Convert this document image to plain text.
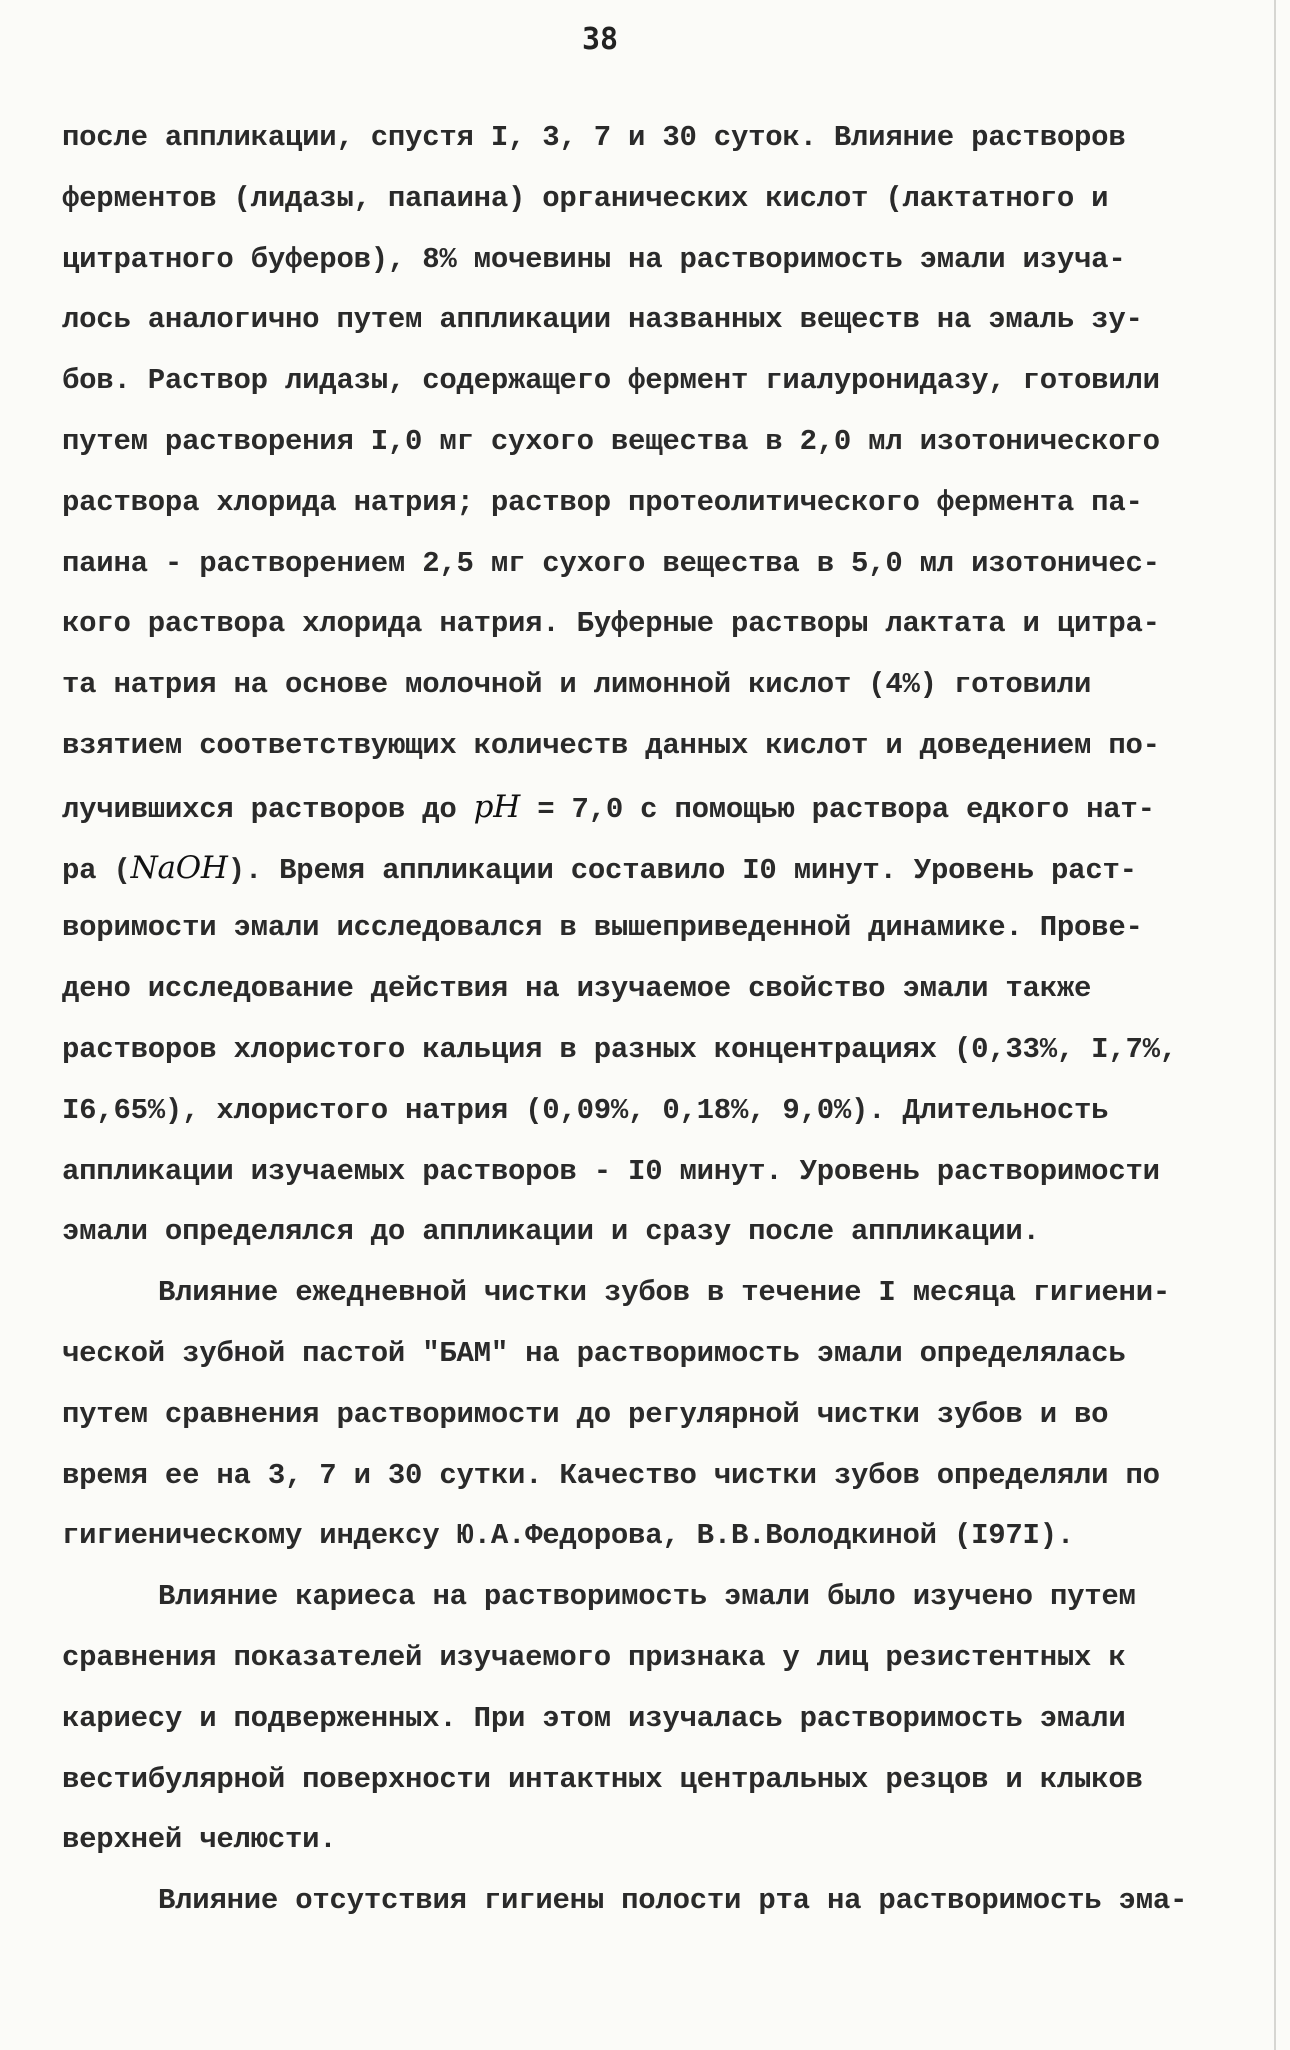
38
после аппликации, спустя I, 3, 7 и 30 суток. Влияние растворов
ферментов (лидазы, папаина) органических кислот (лактатного и
цитратного буферов), 8% мочевины на растворимость эмали изуча-
лось аналогично путем аппликации названных веществ на эмаль зу-
бов. Раствор лидазы, содержащего фермент гиалуронидазу, готовили
путем растворения I,0 мг сухого вещества в 2,0 мл изотонического
раствора хлорида натрия; раствор протеолитического фермента па-
паина - растворением 2,5 мг сухого вещества в 5,0 мл изотоничес-
кого раствора хлорида натрия. Буферные растворы лактата и цитра-
та натрия на основе молочной и лимонной кислот (4%) готовили
взятием соответствующих количеств данных кислот и доведением по-
лучившихся растворов до pH = 7,0 с помощью раствора едкого нат-
ра (NaOH). Время аппликации составило I0 минут. Уровень раст-
воримости эмали исследовался в вышеприведенной динамике. Прове-
дено исследование действия на изучаемое свойство эмали также
растворов хлористого кальция в разных концентрациях (0,33%, I,7%,
I6,65%), хлористого натрия (0,09%, 0,18%, 9,0%). Длительность
аппликации изучаемых растворов - I0 минут. Уровень растворимости
эмали определялся до аппликации и сразу после аппликации.
Влияние ежедневной чистки зубов в течение I месяца гигиени-
ческой зубной пастой "БАМ" на растворимость эмали определялась
путем сравнения растворимости до регулярной чистки зубов и во
время ее на 3, 7 и 30 сутки. Качество чистки зубов определяли по
гигиеническому индексу Ю.А.Федорова, В.В.Володкиной (I97I).
Влияние кариеса на растворимость эмали было изучено путем
сравнения показателей изучаемого признака у лиц резистентных к
кариесу и подверженных. При этом изучалась растворимость эмали
вестибулярной поверхности интактных центральных резцов и клыков
верхней челюсти.
Влияние отсутствия гигиены полости рта на растворимость эма-
